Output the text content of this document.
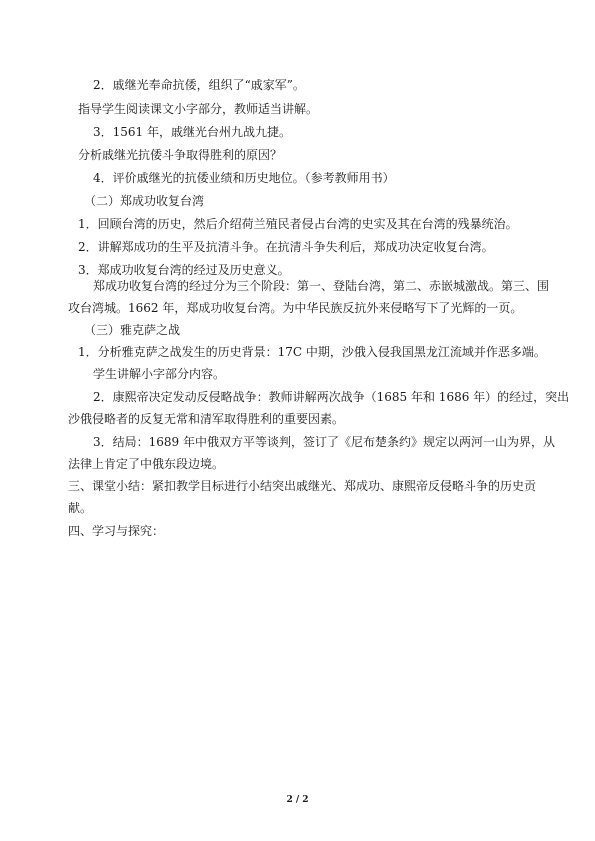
2．戚继光奉命抗倭，组织了“戚家军”。
指导学生阅读课文小字部分，教师适当讲解。
3．1561 年，戚继光台州九战九捷。
分析戚继光抗倭斗争取得胜利的原因？
4．评价戚继光的抗倭业绩和历史地位。（参考教师用书）
（二）郑成功收复台湾
1．回顾台湾的历史，然后介绍荷兰殖民者侵占台湾的史实及其在台湾的残暴统治。
2．讲解郑成功的生平及抗清斗争。在抗清斗争失利后，郑成功决定收复台湾。
3．郑成功收复台湾的经过及历史意义。
郑成功收复台湾的经过分为三个阶段：第一、登陆台湾，第二、赤嵌城激战。第三、围
攻台湾城。1662 年，郑成功收复台湾。为中华民族反抗外来侵略写下了光辉的一页。
（三）雅克萨之战
1．分析雅克萨之战发生的历史背景：17C 中期，沙俄入侵我国黑龙江流域并作恶多端。
学生讲解小字部分内容。
2．康熙帝决定发动反侵略战争：教师讲解两次战争（1685 年和 1686 年）的经过，突出
沙俄侵略者的反复无常和清军取得胜利的重要因素。
3．结局：1689 年中俄双方平等谈判，签订了《尼布楚条约》规定以两河一山为界，从
法律上肯定了中俄东段边境。
三、课堂小结：紧扣教学目标进行小结突出戚继光、郑成功、康熙帝反侵略斗争的历史贡
献。
四、学习与探究：
2 / 2
